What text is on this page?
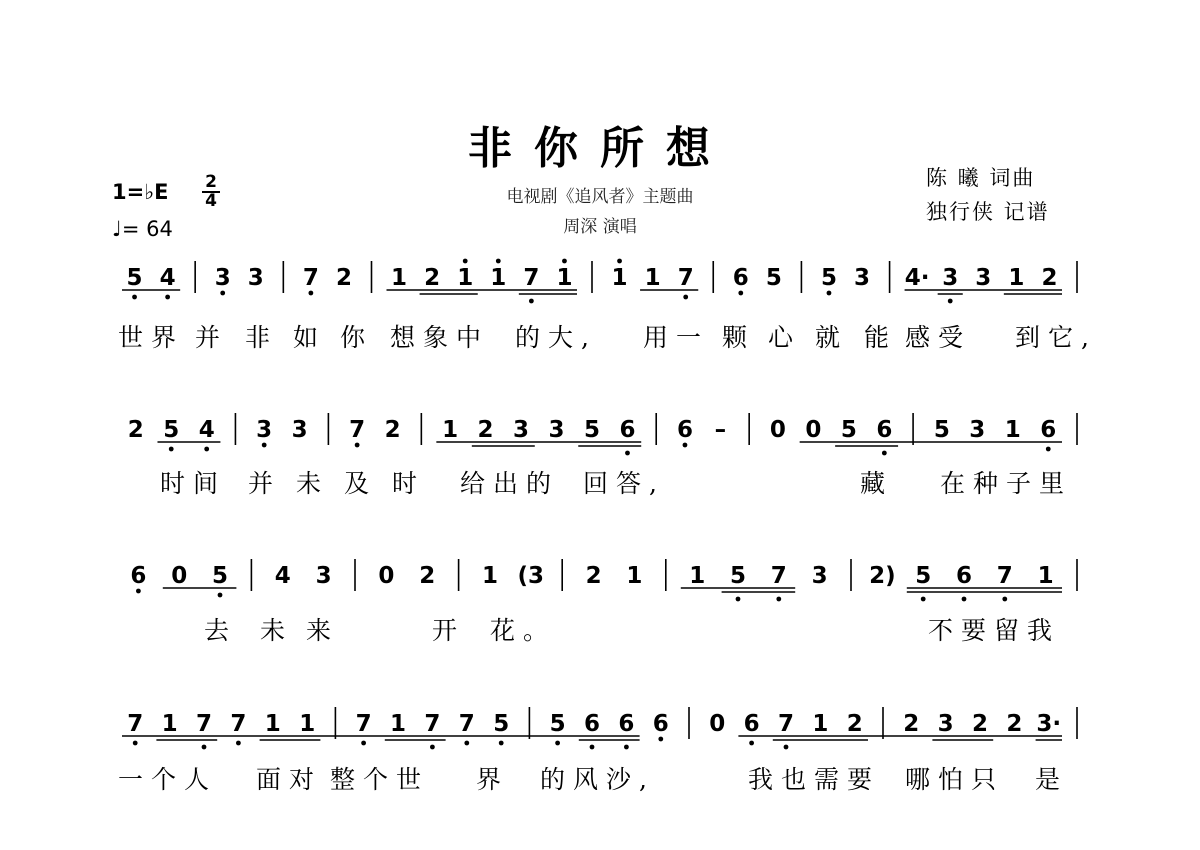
非你所想
电视剧《追风者》主题曲
周深 演唱
陈 曦 词曲
独行侠 记谱
1=♭E 2
4
♩= 64
5 4 3 3 7 2 1 2 1 1 7 1 1 1 7 6 5 5 3 4· 3 3 1 2
2 5 4 3 3 7 2 1 2 3 3 5 6 6 – 0 0 5 6 5 3 1 6
6 0 5 4 3 0 2 1 (3 2 1 1 5 7 3 2) 5 6 7 1
7 1 7 7 1 1 7 1 7 7 5 5 6 6 6 0 6 7 1 2 2 3 2 2 3·
世界 并 非 如 你 想象中 的大, 用一 颗 心 就 能 感受 到它,
时间 并 未 及 时 给出的 回答,	藏 在种子里
去 未 来	开 花。	不要留我
一个人 面对 整个世 界 的风沙,	我也需要 哪怕只 是
